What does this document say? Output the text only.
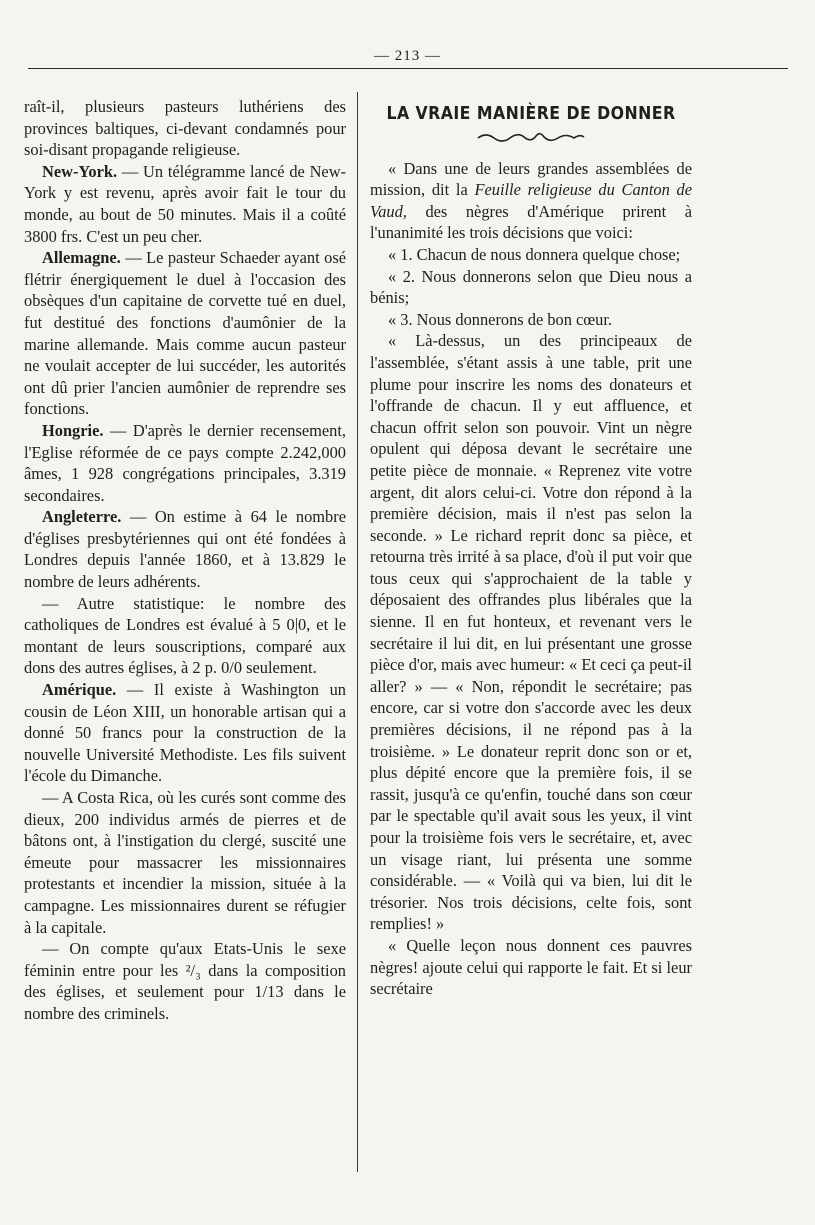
— 213 —

raît-il, plusieurs pasteurs luthériens des provinces baltiques, ci-devant condamnés pour soi-disant propagande religieuse.

New-York. — Un télégramme lancé de New-York y est revenu, après avoir fait le tour du monde, au bout de 50 minutes. Mais il a coûté 3800 frs. C'est un peu cher.

Allemagne. — Le pasteur Schaeder ayant osé flétrir énergiquement le duel à l'occasion des obsèques d'un capitaine de corvette tué en duel, fut destitué des fonctions d'aumônier de la marine allemande. Mais comme aucun pasteur ne voulait accepter de lui succéder, les autorités ont dû prier l'ancien aumônier de reprendre ses fonctions.

Hongrie. — D'après le dernier recensement, l'Eglise réformée de ce pays compte 2.242,000 âmes, 1 928 congrégations principales, 3.319 secondaires.

Angleterre. — On estime à 64 le nombre d'églises presbytériennes qui ont été fondées à Londres depuis l'année 1860, et à 13.829 le nombre de leurs adhérents.

— Autre statistique: le nombre des catholiques de Londres est évalué à 5 0|0, et le montant de leurs souscriptions, comparé aux dons des autres églises, à 2 p. 0/0 seulement.

Amérique. — Il existe à Washington un cousin de Léon XIII, un honorable artisan qui a donné 50 francs pour la construction de la nouvelle Université Methodiste. Les fils suivent l'école du Dimanche.

— A Costa Rica, où les curés sont comme des dieux, 200 individus armés de pierres et de bâtons ont, à l'instigation du clergé, suscité une émeute pour massacrer les missionnaires protestants et incendier la mission, située à la campagne. Les missionnaires durent se réfugier à la capitale.

— On compte qu'aux Etats-Unis le sexe féminin entre pour les ²/₃ dans la composition des églises, et seulement pour 1/13 dans le nombre des criminels.

LA VRAIE MANIÈRE DE DONNER

« Dans une de leurs grandes assemblées de mission, dit la Feuille religieuse du Canton de Vaud, des nègres d'Amérique prirent à l'unanimité les trois décisions que voici:

« 1. Chacun de nous donnera quelque chose;

« 2. Nous donnerons selon que Dieu nous a bénis;

« 3. Nous donnerons de bon cœur.

« Là-dessus, un des principeaux de l'assemblée, s'étant assis à une table, prit une plume pour inscrire les noms des donateurs et l'offrande de chacun. Il y eut affluence, et chacun offrit selon son pouvoir. Vint un nègre opulent qui déposa devant le secrétaire une petite pièce de monnaie. « Reprenez vite votre argent, dit alors celui-ci. Votre don répond à la première décision, mais il n'est pas selon la seconde. » Le richard reprit donc sa pièce, et retourna très irrité à sa place, d'où il put voir que tous ceux qui s'approchaient de la table y déposaient des offrandes plus libérales que la sienne. Il en fut honteux, et revenant vers le secrétaire il lui dit, en lui présentant une grosse pièce d'or, mais avec humeur: « Et ceci ça peut-il aller? » — « Non, répondit le secrétaire; pas encore, car si votre don s'accorde avec les deux premières décisions, il ne répond pas à la troisième. » Le donateur reprit donc son or et, plus dépité encore que la première fois, il se rassit, jusqu'à ce qu'enfin, touché dans son cœur par le spectable qu'il avait sous les yeux, il vint pour la troisième fois vers le secrétaire, et, avec un visage riant, lui présenta une somme considérable. — « Voilà qui va bien, lui dit le trésorier. Nos trois décisions, celte fois, sont remplies! »

« Quelle leçon nous donnent ces pauvres nègres! ajoute celui qui rapporte le fait. Et si leur secrétaire
